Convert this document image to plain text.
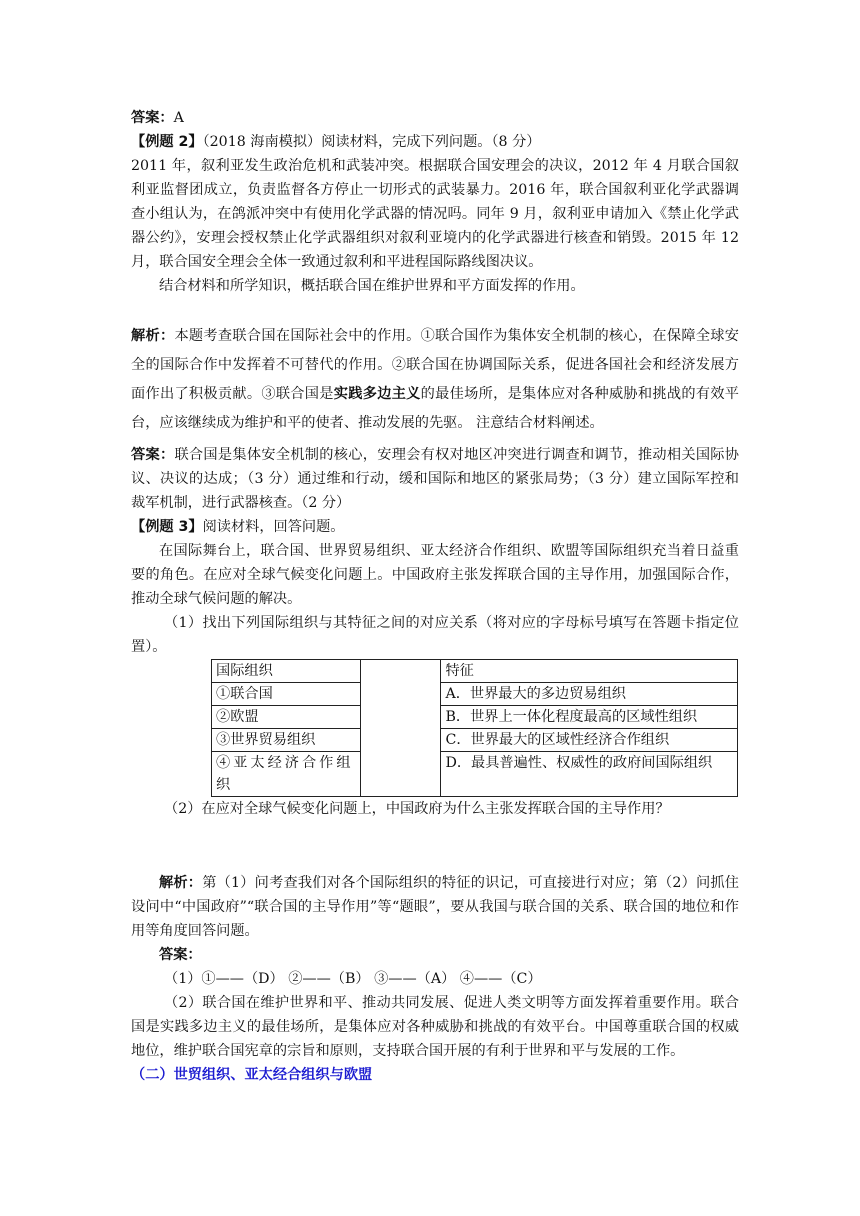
答案：A

【例题 2】（2018 海南模拟）阅读材料，完成下列问题。（8 分）

2011 年，叙利亚发生政治危机和武装冲突。根据联合国安理会的决议，2012 年 4 月联合国叙利亚监督团成立，负责监督各方停止一切形式的武装暴力。2016 年，联合国叙利亚化学武器调查小组认为，在鸽派冲突中有使用化学武器的情况吗。同年 9 月，叙利亚申请加入《禁止化学武器公约》，安理会授权禁止化学武器组织对叙利亚境内的化学武器进行核查和销毁。2015 年 12 月，联合国安全理会全体一致通过叙利和平进程国际路线图决议。

结合材料和所学知识，概括联合国在维护世界和平方面发挥的作用。

解析：本题考查联合国在国际社会中的作用。①联合国作为集体安全机制的核心，在保障全球安全的国际合作中发挥着不可替代的作用。②联合国在协调国际关系，促进各国社会和经济发展方面作出了积极贡献。③联合国是实践多边主义的最佳场所，是集体应对各种威胁和挑战的有效平台，应该继续成为维护和平的使者、推动发展的先驱。 注意结合材料阐述。

答案：联合国是集体安全机制的核心，安理会有权对地区冲突进行调查和调节，推动相关国际协议、决议的达成；（3 分）通过维和行动，缓和国际和地区的紧张局势；（3 分）建立国际军控和裁军机制，进行武器核查。（2 分）

【例题 3】阅读材料，回答问题。

在国际舞台上，联合国、世界贸易组织、亚太经济合作组织、欧盟等国际组织充当着日益重要的角色。在应对全球气候变化问题上。中国政府主张发挥联合国的主导作用，加强国际合作，推动全球气候问题的解决。

（1）找出下列国际组织与其特征之间的对应关系（将对应的字母标号填写在答题卡指定位置）。

国际组织		特征
①联合国		A．世界最大的多边贸易组织
②欧盟		B．世界上一体化程度最高的区域性组织
③世界贸易组织		C．世界最大的区域性经济合作组织
④亚太经济合作组织		D．最具普遍性、权威性的政府间国际组织

（2）在应对全球气候变化问题上，中国政府为什么主张发挥联合国的主导作用？

解析：第（1）问考查我们对各个国际组织的特征的识记，可直接进行对应；第（2）问抓住设问中“中国政府”“联合国的主导作用”等“题眼”，要从我国与联合国的关系、联合国的地位和作用等角度回答问题。

答案：

（1）①——（D） ②——（B） ③——（A） ④——（C）

（2）联合国在维护世界和平、推动共同发展、促进人类文明等方面发挥着重要作用。联合国是实践多边主义的最佳场所，是集体应对各种威胁和挑战的有效平台。中国尊重联合国的权威地位，维护联合国宪章的宗旨和原则，支持联合国开展的有利于世界和平与发展的工作。

（二）世贸组织、亚太经合组织与欧盟
